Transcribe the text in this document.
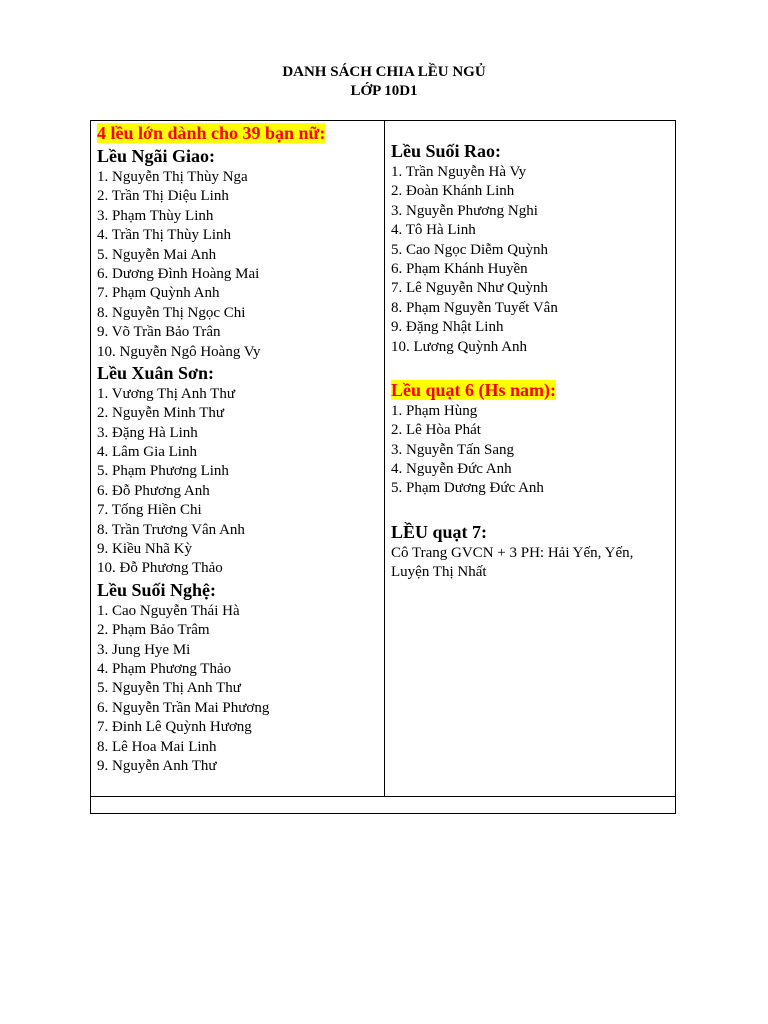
DANH SÁCH CHIA LỀU NGỦ
LỚP 10D1
4 lều lớn dành cho 39 bạn nữ:
Lều Ngãi Giao:
1. Nguyễn Thị Thùy Nga
2. Trần Thị Diệu Linh
3. Phạm Thùy Linh
4. Trần Thị Thùy Linh
5. Nguyễn Mai Anh
6. Dương Đình Hoàng Mai
7. Phạm Quỳnh Anh
8. Nguyễn Thị Ngọc Chi
9. Võ Trần Bảo Trân
10. Nguyễn Ngô Hoàng Vy
Lều Xuân Sơn:
1. Vương Thị Anh Thư
2. Nguyễn Minh Thư
3. Đặng Hà Linh
4. Lâm Gia Linh
5. Phạm Phương Linh
6. Đỗ Phương Anh
7. Tống Hiền Chi
8. Trần Trương Vân Anh
9. Kiều Nhã Kỳ
10. Đỗ Phương Thảo
Lều Suối Nghệ:
1. Cao Nguyễn Thái Hà
2. Phạm Bảo Trâm
3. Jung Hye Mi
4. Phạm Phương Thảo
5. Nguyễn Thị Anh Thư
6. Nguyễn Trần Mai Phương
7. Đinh Lê Quỳnh Hương
8. Lê Hoa Mai Linh
9. Nguyễn Anh Thư
Lều Suối Rao:
1. Trần Nguyễn Hà Vy
2. Đoàn Khánh Linh
3. Nguyễn Phương Nghi
4. Tô Hà Linh
5. Cao Ngọc Diễm Quỳnh
6. Phạm Khánh Huyền
7. Lê Nguyễn Như Quỳnh
8. Phạm Nguyễn Tuyết Vân
9. Đặng Nhật Linh
10. Lương Quỳnh Anh
Lều quạt 6 (Hs nam):
1. Phạm Hùng
2. Lê Hòa Phát
3. Nguyễn Tấn Sang
4. Nguyễn Đức Anh
5. Phạm Dương Đức Anh
LỀU quạt 7:
Cô Trang GVCN + 3 PH: Hải Yến, Yến, Luyện Thị Nhất
